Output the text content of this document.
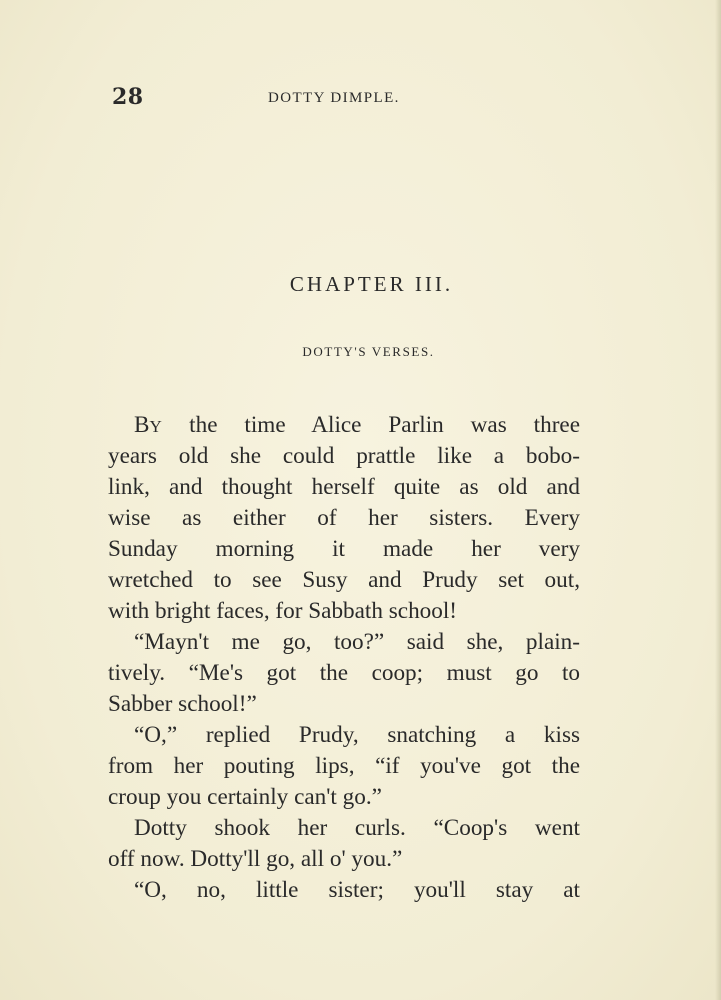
28	DOTTY DIMPLE.
CHAPTER III.
DOTTY'S VERSES.
BY the time Alice Parlin was three
years old she could prattle like a bobo-
link, and thought herself quite as old and
wise as either of her sisters. Every
Sunday morning it made her very
wretched to see Susy and Prudy set out,
with bright faces, for Sabbath school!
“Mayn't me go, too?” said she, plain-
tively. “Me's got the coop; must go to
Sabber school!”
“O,” replied Prudy, snatching a kiss
from her pouting lips, “if you've got the
croup you certainly can't go.”
Dotty shook her curls. “Coop's went
off now. Dotty'll go, all o' you.”
“O, no, little sister; you'll stay at
